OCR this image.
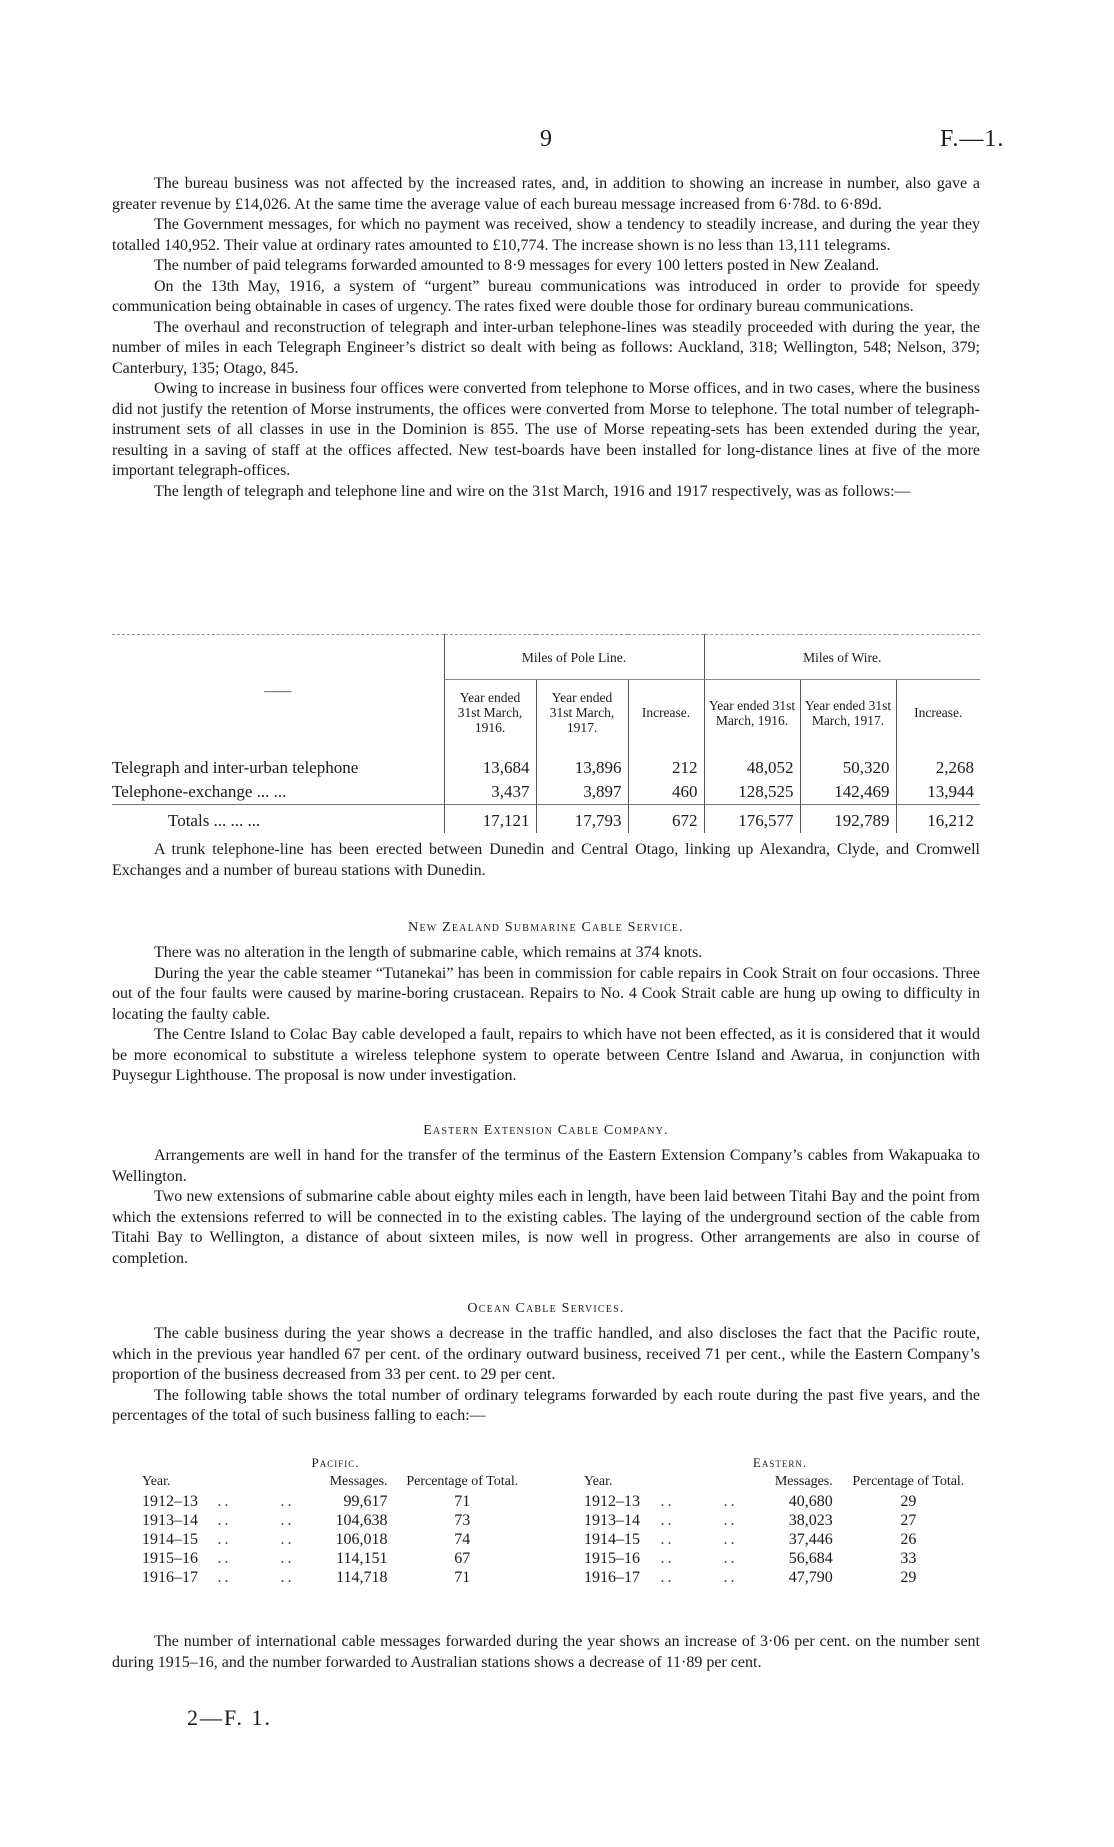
9	F.—1.

The bureau business was not affected by the increased rates, and, in addition to showing an increase in number, also gave a greater revenue by £14,026. At the same time the average value of each bureau message increased from 6·78d. to 6·89d.

The Government messages, for which no payment was received, show a tendency to steadily increase, and during the year they totalled 140,952. Their value at ordinary rates amounted to £10,774. The increase shown is no less than 13,111 telegrams.

The number of paid telegrams forwarded amounted to 8·9 messages for every 100 letters posted in New Zealand.

On the 13th May, 1916, a system of “urgent” bureau communications was introduced in order to provide for speedy communication being obtainable in cases of urgency. The rates fixed were double those for ordinary bureau communications.

The overhaul and reconstruction of telegraph and inter-urban telephone-lines was steadily proceeded with during the year, the number of miles in each Telegraph Engineer’s district so dealt with being as follows: Auckland, 318; Wellington, 548; Nelson, 379; Canterbury, 135; Otago, 845.

Owing to increase in business four offices were converted from telephone to Morse offices, and in two cases, where the business did not justify the retention of Morse instruments, the offices were converted from Morse to telephone. The total number of telegraph-instrument sets of all classes in use in the Dominion is 855. The use of Morse repeating-sets has been extended during the year, resulting in a saving of staff at the offices affected. New test-boards have been installed for long-distance lines at five of the more important telegraph-offices.

The length of telegraph and telephone line and wire on the 31st March, 1916 and 1917 respectively, was as follows:—

——	Miles of Pole Line.			Miles of Wire.		
	Year ended 31st March, 1916.	Year ended 31st March, 1917.	Increase.	Year ended 31st March, 1916.	Year ended 31st March, 1917.	Increase.

Telegraph and inter-urban telephone	13,684	13,896	212	48,052	50,320	2,268
Telephone-exchange ... ...	3,437	3,897	460	128,525	142,469	13,944
Totals ... ... ...	17,121	17,793	672	176,577	192,789	16,212

A trunk telephone-line has been erected between Dunedin and Central Otago, linking up Alexandra, Clyde, and Cromwell Exchanges and a number of bureau stations with Dunedin.

New Zealand Submarine Cable Service.

There was no alteration in the length of submarine cable, which remains at 374 knots.

During the year the cable steamer “Tutanekai” has been in commission for cable repairs in Cook Strait on four occasions. Three out of the four faults were caused by marine-boring crustacean. Repairs to No. 4 Cook Strait cable are hung up owing to difficulty in locating the faulty cable.

The Centre Island to Colac Bay cable developed a fault, repairs to which have not been effected, as it is considered that it would be more economical to substitute a wireless telephone system to operate between Centre Island and Awarua, in conjunction with Puysegur Lighthouse. The proposal is now under investigation.

Eastern Extension Cable Company.

Arrangements are well in hand for the transfer of the terminus of the Eastern Extension Company’s cables from Wakapuaka to Wellington.

Two new extensions of submarine cable about eighty miles each in length, have been laid between Titahi Bay and the point from which the extensions referred to will be connected in to the existing cables. The laying of the underground section of the cable from Titahi Bay to Wellington, a distance of about sixteen miles, is now well in progress. Other arrangements are also in course of completion.

Ocean Cable Services.

The cable business during the year shows a decrease in the traffic handled, and also discloses the fact that the Pacific route, which in the previous year handled 67 per cent. of the ordinary outward business, received 71 per cent., while the Eastern Company’s proportion of the business decreased from 33 per cent. to 29 per cent.

The following table shows the total number of ordinary telegrams forwarded by each route during the past five years, and the percentages of the total of such business falling to each:—

Pacific.			
Year.		Messages.	Percentage of Total.
1912–13	..       ..	99,617	71
1913–14	..       ..	104,638	73
1914–15	..       ..	106,018	74
1915–16	..       ..	114,151	67
1916–17	..       ..	114,718	71
Eastern.			
Year.		Messages.	Percentage of Total.
1912–13	..       ..	40,680	29
1913–14	..       ..	38,023	27
1914–15	..       ..	37,446	26
1915–16	..       ..	56,684	33
1916–17	..       ..	47,790	29

The number of international cable messages forwarded during the year shows an increase of 3·06 per cent. on the number sent during 1915–16, and the number forwarded to Australian stations shows a decrease of 11·89 per cent.

2—F. 1.
